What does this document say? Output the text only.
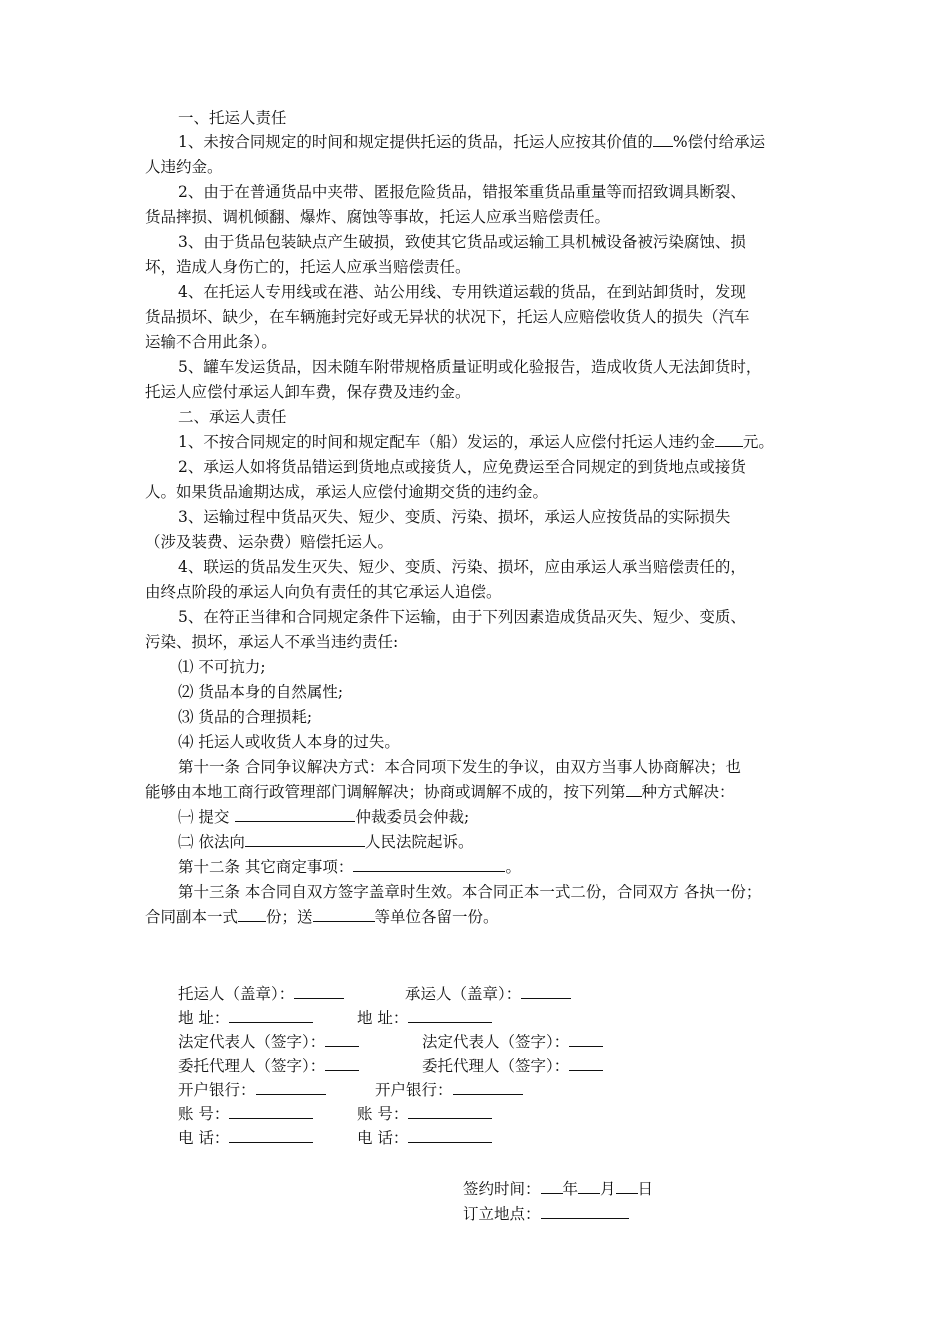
一、托运人责任
1、未按合同规定的时间和规定提供托运的货品，托运人应按其价值的 %偿付给承运
人违约金。
2、由于在普通货品中夹带、匿报危险货品，错报笨重货品重量等而招致调具断裂、
货品摔损、调机倾翻、爆炸、腐蚀等事故，托运人应承当赔偿责任。
3、由于货品包装缺点产生破损，致使其它货品或运输工具机械设备被污染腐蚀、损
坏，造成人身伤亡的，托运人应承当赔偿责任。
4、在托运人专用线或在港、站公用线、专用铁道运载的货品，在到站卸货时，发现
货品损坏、缺少，在车辆施封完好或无异状的状况下，托运人应赔偿收货人的损失（汽车
运输不合用此条）。
5、罐车发运货品，因未随车附带规格质量证明或化验报告，造成收货人无法卸货时，
托运人应偿付承运人卸车费，保存费及违约金。
二、承运人责任
1、不按合同规定的时间和规定配车（船）发运的，承运人应偿付托运人违约金 元。
2、承运人如将货品错运到货地点或接货人，应免费运至合同规定的到货地点或接货
人。如果货品逾期达成，承运人应偿付逾期交货的违约金。
3、运输过程中货品灭失、短少、变质、污染、损坏，承运人应按货品的实际损失
（涉及装费、运杂费）赔偿托运人。
4、联运的货品发生灭失、短少、变质、污染、损坏，应由承运人承当赔偿责任的，
由终点阶段的承运人向负有责任的其它承运人追偿。
5、在符正当律和合同规定条件下运输，由于下列因素造成货品灭失、短少、变质、
污染、损坏，承运人不承当违约责任:
⑴ 不可抗力;
⑵ 货品本身的自然属性;
⑶ 货品的合理损耗;
⑷ 托运人或收货人本身的过失。
第十一条 合同争议解决方式：本合同项下发生的争议，由双方当事人协商解决；也
能够由本地工商行政管理部门调解解决；协商或调解不成的，按下列第 种方式解决：
㈠ 提交	仲裁委员会仲裁;
㈡ 依法向	人民法院起诉。
第十二条 其它商定事项：	。
第十三条 本合同自双方签字盖章时生效。本合同正本一式二份，合同双方 各执一份；
合同副本一式 份；送	等单位各留一份。
托运人（盖章）：	承运人（盖章）：
地 址：	地 址：
法定代表人（签字）：	法定代表人（签字）：
委托代理人（签字）：	委托代理人（签字）：
开户银行：	开户银行：
账 号：	账 号：
电 话：	电 话：
签约时间： 年 月 日
订立地点：
